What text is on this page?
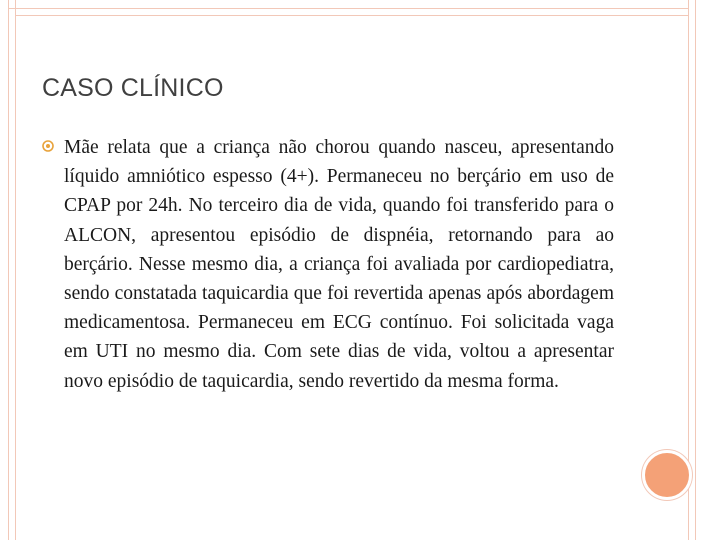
CASO CLÍNICO
Mãe relata que a criança não chorou quando nasceu, apresentando líquido amniótico espesso (4+). Permaneceu no berçário em uso de CPAP por 24h. No terceiro dia de vida, quando foi transferido para o ALCON, apresentou episódio de dispnéia, retornando para ao berçário. Nesse mesmo dia, a criança foi avaliada por cardiopediatra, sendo constatada taquicardia que foi revertida apenas após abordagem medicamentosa. Permaneceu em ECG contínuo. Foi solicitada vaga em UTI no mesmo dia. Com sete dias de vida, voltou a apresentar novo episódio de taquicardia, sendo revertido da mesma forma.
